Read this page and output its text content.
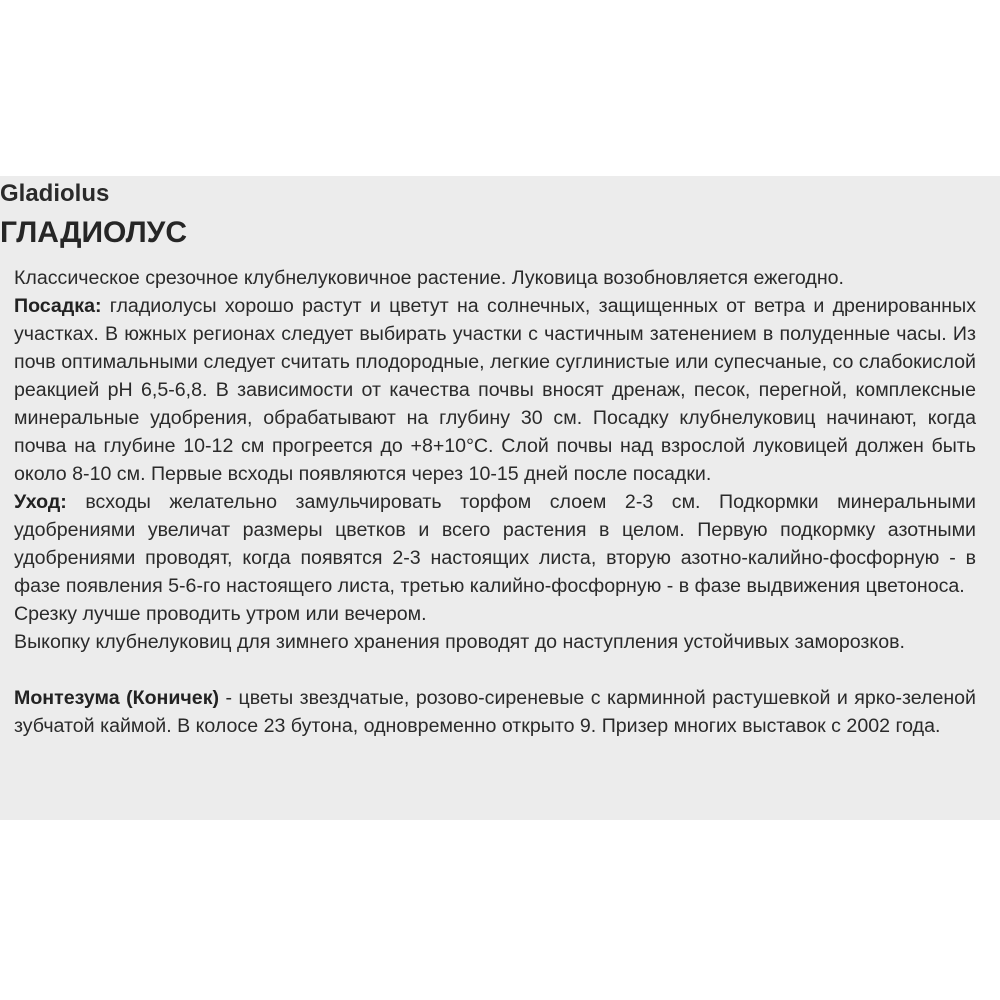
Gladiolus
ГЛАДИОЛУС

Классическое срезочное клубнелуковичное растение. Луковица возобновляется ежегодно.

Посадка: гладиолусы хорошо растут и цветут на солнечных, защищенных от ветра и дренированных участках. В южных регионах следует выбирать участки с частичным затенением в полуденные часы. Из почв оптимальными следует считать плодородные, легкие суглинистые или супесчаные, со слабокислой реакцией pH 6,5-6,8. В зависимости от качества почвы вносят дренаж, песок, перегной, комплексные минеральные удобрения, обрабатывают на глубину 30 см. Посадку клубнелуковиц начинают, когда почва на глубине 10-12 см прогреется до +8+10°С. Слой почвы над взрослой луковицей должен быть около 8-10 см. Первые всходы появляются через 10-15 дней после посадки.

Уход: всходы желательно замульчировать торфом слоем 2-3 см. Подкормки минеральными удобрениями увеличат размеры цветков и всего растения в целом. Первую подкормку азотными удобрениями проводят, когда появятся 2-3 настоящих листа, вторую азотно-калийно-фосфорную - в фазе появления 5-6-го настоящего листа, третью калийно-фосфорную - в фазе выдвижения цветоноса.

Срезку лучше проводить утром или вечером.

Выкопку клубнелуковиц для зимнего хранения проводят до наступления устойчивых заморозков.

Монтезума (Коничек) - цветы звездчатые, розово-сиреневые с карминной растушевкой и ярко-зеленой зубчатой каймой. В колосе 23 бутона, одновременно открыто 9. Призер многих выставок с 2002 года.
